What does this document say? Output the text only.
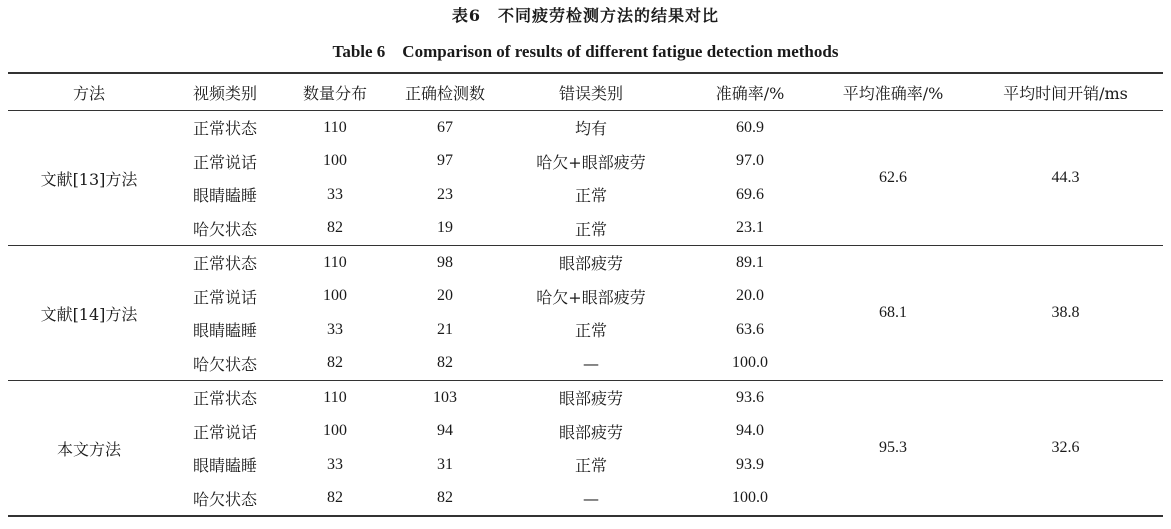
表6　不同疲劳检测方法的结果对比
Table 6　Comparison of results of different fatigue detection methods
方法	视频类别	数量分布	正确检测数	错误类别	准确率/%	平均准确率/%	平均时间开销/ms
文献[13]方法	正常状态	110	67	均有	60.9	62.6	44.3
	正常说话	100	97	哈欠+眼部疲劳	97.0		
	眼睛瞌睡	33	23	正常	69.6		
	哈欠状态	82	19	正常	23.1		
文献[14]方法	正常状态	110	98	眼部疲劳	89.1	68.1	38.8
	正常说话	100	20	哈欠+眼部疲劳	20.0		
	眼睛瞌睡	33	21	正常	63.6		
	哈欠状态	82	82	—	100.0		
本文方法	正常状态	110	103	眼部疲劳	93.6	95.3	32.6
	正常说话	100	94	眼部疲劳	94.0		
	眼睛瞌睡	33	31	正常	93.9		
	哈欠状态	82	82	—	100.0		
